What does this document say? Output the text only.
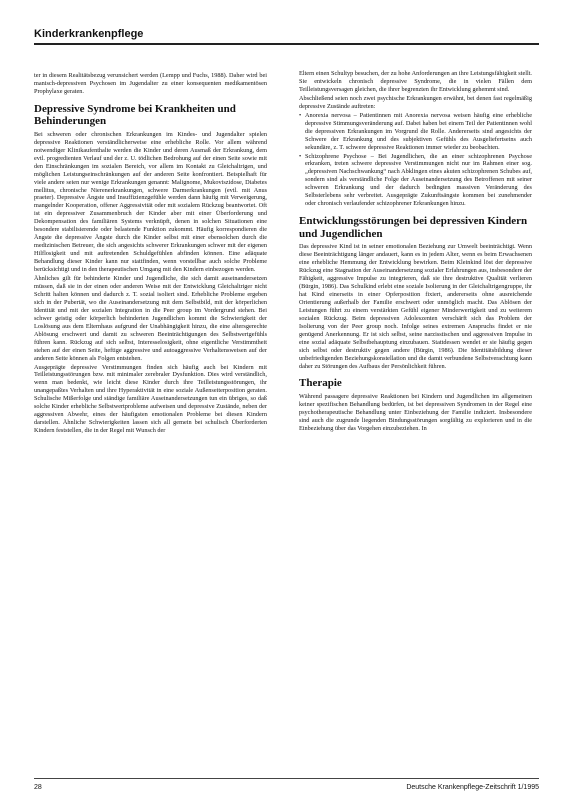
Kinderkrankenpflege

ter in diesem Realitätsbezug verunsichert werden (Lempp und Fuchs, 1988). Daher wird bei manisch-depressiven Psychosen im Jugendalter zu einer konsequenten medikamentösen Prophylaxe geraten.

Depressive Syndrome bei Krankheiten und Behinderungen

Bei schweren oder chronischen Erkrankungen im Kindes- und Jugendalter spielen depressive Reaktionen verständlicherweise eine erhebliche Rolle. Vor allem während notwendiger Klinikaufenthalte werden die Kinder und deren Ausmaß der Erkrankung, dem evtl. progredienten Verlauf und der z. U. tödlichen Bedrohung auf der einen Seite sowie mit den Einschränkungen im sozialen Bereich, vor allem im Kontakt zu Gleichaltrigen, und möglichen Leistungseinschränkungen auf der anderen Seite konfrontiert. Beispielhaft für viele andere seien nur wenige Erkrankungen genannt: Malignome, Mukoviszidose, Diabetes mellitus, chronische Nierenerkrankungen, schwere Darmerkrankungen (evtl. mit Anus praeter). Depressive Ängste und Insuffizienzgefühle werden dann häufig mit Verweigerung, mangelnder Kooperation, offener Aggressivität oder mit sozialem Rückzug beantwortet. Oft ist ein depressiver Zusammenbruch der Kinder aber mit einer Überforderung und Dekompensation des familiären Systems verknüpft, denen in solchen Situationen eine besondere stabilisierende oder belastende Funktion zukommt. Häufig korrespondieren die Ängste die depressive Ängste durch die Kinder selbst mit einer ebensolchen durch die medizinischen Betreuer, die sich angesichts schwerer Erkrankungen schwer mit der eigenen Hilflosigkeit und mit auftretenden Schuldgefühlen abfinden können. Eine adäquate Behandlung dieser Kinder kann nur stattfinden, wenn vorstellbar auch solche Probleme berücksichtigt und in den therapeutischen Umgang mit den Kindern einbezogen werden.

Ähnliches gilt für behinderte Kinder und Jugendliche, die sich damit auseinandersetzen müssen, daß sie in der einen oder anderen Weise mit der Entwicklung Gleichaltriger nicht Schritt halten können und dadurch z. T. sozial isoliert sind. Erhebliche Probleme ergeben sich in der Pubertät, wo die Auseinandersetzung mit dem Selbstbild, mit der körperlichen Identität und mit der sozialen Integration in die Peer group im Vordergrund stehen. Bei schwer geistig oder körperlich behinderten Jugendlichen kommt die Schwierigkeit der Loslösung aus dem Elternhaus aufgrund der Unabhängigkeit hinzu, die eine altersgerechte Ablösung erschwert und damit zu schweren Beeinträchtigungen des Selbstwertgefühls führen kann. Rückzug auf sich selbst, Interesselosigkeit, ohne eigentliche Verstimmtheit stehen auf der einen Seite, heftige aggressive und autoaggressive Verhaltensweisen auf der anderen Seite können als Folgen entstehen.

Ausgeprägte depressive Verstimmungen finden sich häufig auch bei Kindern mit Teilleistungsstörungen bzw. mit minimaler zerebraler Dysfunktion. Dies wird verständlich, wenn man bedenkt, wie leicht diese Kinder durch ihre Teilleistungsstörungen, ihr unangepaßtes Verhalten und ihre Hyperaktivität in eine soziale Außenseiterposition geraten. Schulische Mißerfolge und ständige familiäre Auseinandersetzungen tun ein übriges, so daß solche Kinder erhebliche Selbstwertprobleme aufweisen und depressive Zustände, neben der aggressiven Abwehr, eines der häufigsten emotionalen Probleme bei diesen Kindern darstellen. Ähnliche Schwierigkeiten lassen sich all gemein bei schulisch Überforderten Kindern feststellen, die in der Regel mit Wunsch der

Eltern einen Schultyp besuchen, der zu hohe Anforderungen an ihre Leistungsfähigkeit stellt. Sie entwickeln chronisch depressive Syndrome, die in vielen Fällen dem Teilleistungsversagen gleichen, die ihrer begrenzten ihr Entwicklung gehemmt sind.

Abschließend seien noch zwei psychische Erkrankungen erwähnt, bei denen fast regelmäßig depressive Zustände auftreten:

• Anorexia nervosa – Patientinnen mit Anorexia nervosa weisen häufig eine erhebliche depressive Stimmungsveränderung auf. Dabei haben bei einem Teil der Patientinnen wohl die depressiven Erkrankungen im Vorgrund die Rolle. Andererseits sind angesichts der Schwere der Erkrankung und des subjektiven Gefühls des Ausgeliefertseins auch sekundäre, z. T. schwere depressive Reaktionen immer wieder zu beobachten.
• Schizophrene Psychose – Bei Jugendlichen, die an einer schizophrenen Psychose erkranken, treten schwere depressive Verstimmungen nicht nur im Rahmen einer sog. „depressiven Nachschwankung“ nach Abklingen eines akuten schizophrenen Schubes auf, sondern sind als verständliche Folge der Auseinandersetzung des Betroffenen mit seiner schweren Erkrankung und der dadurch bedingten massiven Veränderung des Selbsterlebens sehr verbreitet. Ausgeprägte Zukunftsängste kommen bei zunehmender oder chronisch verlaufender schizophrener Erkrankungen hinzu.
Entwicklungsstörungen bei depressiven Kindern und Jugendlichen

Das depressive Kind ist in seiner emotionalen Beziehung zur Umwelt beeinträchtigt. Wenn diese Beeinträchtigung länger andauert, kann es in jedem Alter, wenn es beim Erwachsenen eine erhebliche Hemmung der Entwicklung bewirken. Beim Kleinkind löst der depressive Rückzug eine Stagnation der Auseinandersetzung sozialer Erfahrungen aus, insbesondere der Fähigkeit, aggressive Impulse zu integrieren, daß sie ihre destruktive Qualität verlieren (Bürgin, 1986). Das Schulkind erlebt eine soziale Isolierung in der Gleichaltrigengruppe, ihr hat Kind einerseits in einer Opferposition fixiert, andererseits ohne ausreichende Orientierung außerhalb der Familie erschwert oder unmöglich macht. Das Ablösen der Leistungen führt zu einem verstärkten Gefühl eigener Minderwertigkeit und zu weiterem sozialen Rückzug. Beim depressiven Adoleszenten verschärft sich das Problem der Isolierung von der Peer group noch. Infolge seines extremen Anspruchs findet er nie genügend Anerkennung. Er ist sich selbst, seine narzisstischen und aggressiven Impulse in eine sozial adäquate Selbstbehauptung einzubauen. Stattdessen wendet er sie häufig gegen sich selbst oder destruktiv gegen andere (Bürgin, 1986). Die Identitätsbildung dieser unbefriedigenden Beziehungskonstellation und die damit verbundene Selbstverachtung kann daher zu Störungen des Aufbaus der Persönlichkeit führen.

Therapie

Während passagere depressive Reaktionen bei Kindern und Jugendlichen im allgemeinen keiner spezifischen Behandlung bedürfen, ist bei depressiven Syndromen in der Regel eine psychotherapeutische Behandlung unter Einbeziehung der Familie indiziert. Insbesondere sind auch die zugrunde liegenden Bindungsstörungen sorgfältig zu explorieren und in die Einbeziehung über das Vorgehen einzubeziehen. In

28	Deutsche Krankenpflege-Zeitschrift 1/1995
